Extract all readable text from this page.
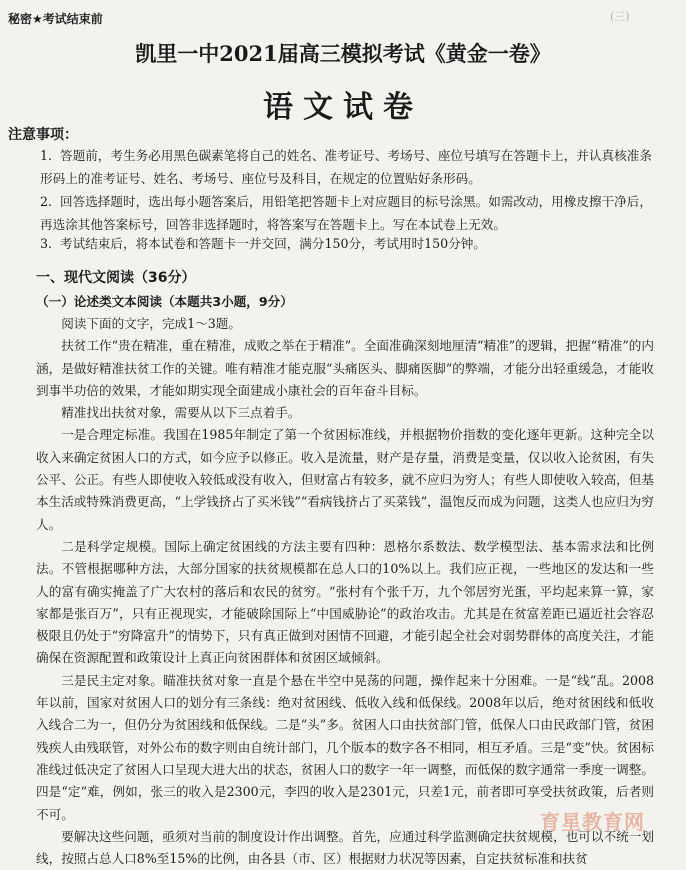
秘密★考试结束前	(三)
凯里一中2021届高三模拟考试《黄金一卷》
语文试卷
注意事项：
1. 答题前，考生务必用黑色碳素笔将自己的姓名、准考证号、考场号、座位号填写在答题卡上，并认真核准条形码上的准考证号、姓名、考场号、座位号及科目，在规定的位置贴好条形码。
2. 回答选择题时，选出每小题答案后，用铅笔把答题卡上对应题目的标号涂黑。如需改动，用橡皮擦干净后，再选涂其他答案标号，回答非选择题时，将答案写在答题卡上。写在本试卷上无效。
3. 考试结束后，将本试卷和答题卡一并交回，满分150分，考试用时150分钟。
一、现代文阅读（36分）
（一）论述类文本阅读（本题共3小题，9分）

阅读下面的文字，完成1～3题。

扶贫工作“贵在精准，重在精准，成败之举在于精准”。全面准确深刻地厘清“精准”的逻辑，把握“精准”的内涵，是做好精准扶贫工作的关键。唯有精准才能克服“头痛医头、脚痛医脚”的弊端，才能分出轻重缓急，才能收到事半功倍的效果，才能如期实现全面建成小康社会的百年奋斗目标。

精准找出扶贫对象，需要从以下三点着手。

一是合理定标准。我国在1985年制定了第一个贫困标准线，并根据物价指数的变化逐年更新。这种完全以收入来确定贫困人口的方式，如今应予以修正。收入是流量，财产是存量，消费是变量，仅以收入论贫困，有失公平、公正。有些人即使收入较低或没有收入，但财富占有较多，就不应归为穷人；有些人即使收入较高，但基本生活或特殊消费更高，“上学钱挤占了买米钱”“看病钱挤占了买菜钱”，温饱反而成为问题，这类人也应归为穷人。

二是科学定规模。国际上确定贫困线的方法主要有四种：恩格尔系数法、数学模型法、基本需求法和比例法。不管根据哪种方法，大部分国家的扶贫规模都在总人口的10%以上。我们应正视，一些地区的发达和一些人的富有确实掩盖了广大农村的落后和农民的贫穷。“张村有个张千万，九个邻居穷光蛋，平均起来算一算，家家都是张百万”，只有正视现实，才能破除国际上“中国威胁论”的政治攻击。尤其是在贫富差距已逼近社会容忍极限且仍处于“穷降富升”的情势下，只有真正做到对困情不回避，才能引起全社会对弱势群体的高度关注，才能确保在资源配置和政策设计上真正向贫困群体和贫困区域倾斜。

三是民主定对象。瞄准扶贫对象一直是个悬在半空中晃荡的问题，操作起来十分困难。一是“线”乱。2008年以前，国家对贫困人口的划分有三条线：绝对贫困线、低收入线和低保线。2008年以后，绝对贫困线和低收入线合二为一，但仍分为贫困线和低保线。二是“头”多。贫困人口由扶贫部门管，低保人口由民政部门管，贫困残疾人由残联管，对外公布的数字则由自统计部门，几个版本的数字各不相同，相互矛盾。三是“变”快。贫困标准线过低决定了贫困人口呈现大进大出的状态，贫困人口的数字一年一调整，而低保的数字通常一季度一调整。四是“定”难，例如，张三的收入是2300元，李四的收入是2301元，只差1元，前者即可享受扶贫政策，后者则不可。

要解决这些问题，亟须对当前的制度设计作出调整。首先，应通过科学监测确定扶贫规模，也可以不统一划线，按照占总人口8%至15%的比例，由各县（市、区）根据财力状况等因素，自定扶贫标准和扶贫

育星教育网
